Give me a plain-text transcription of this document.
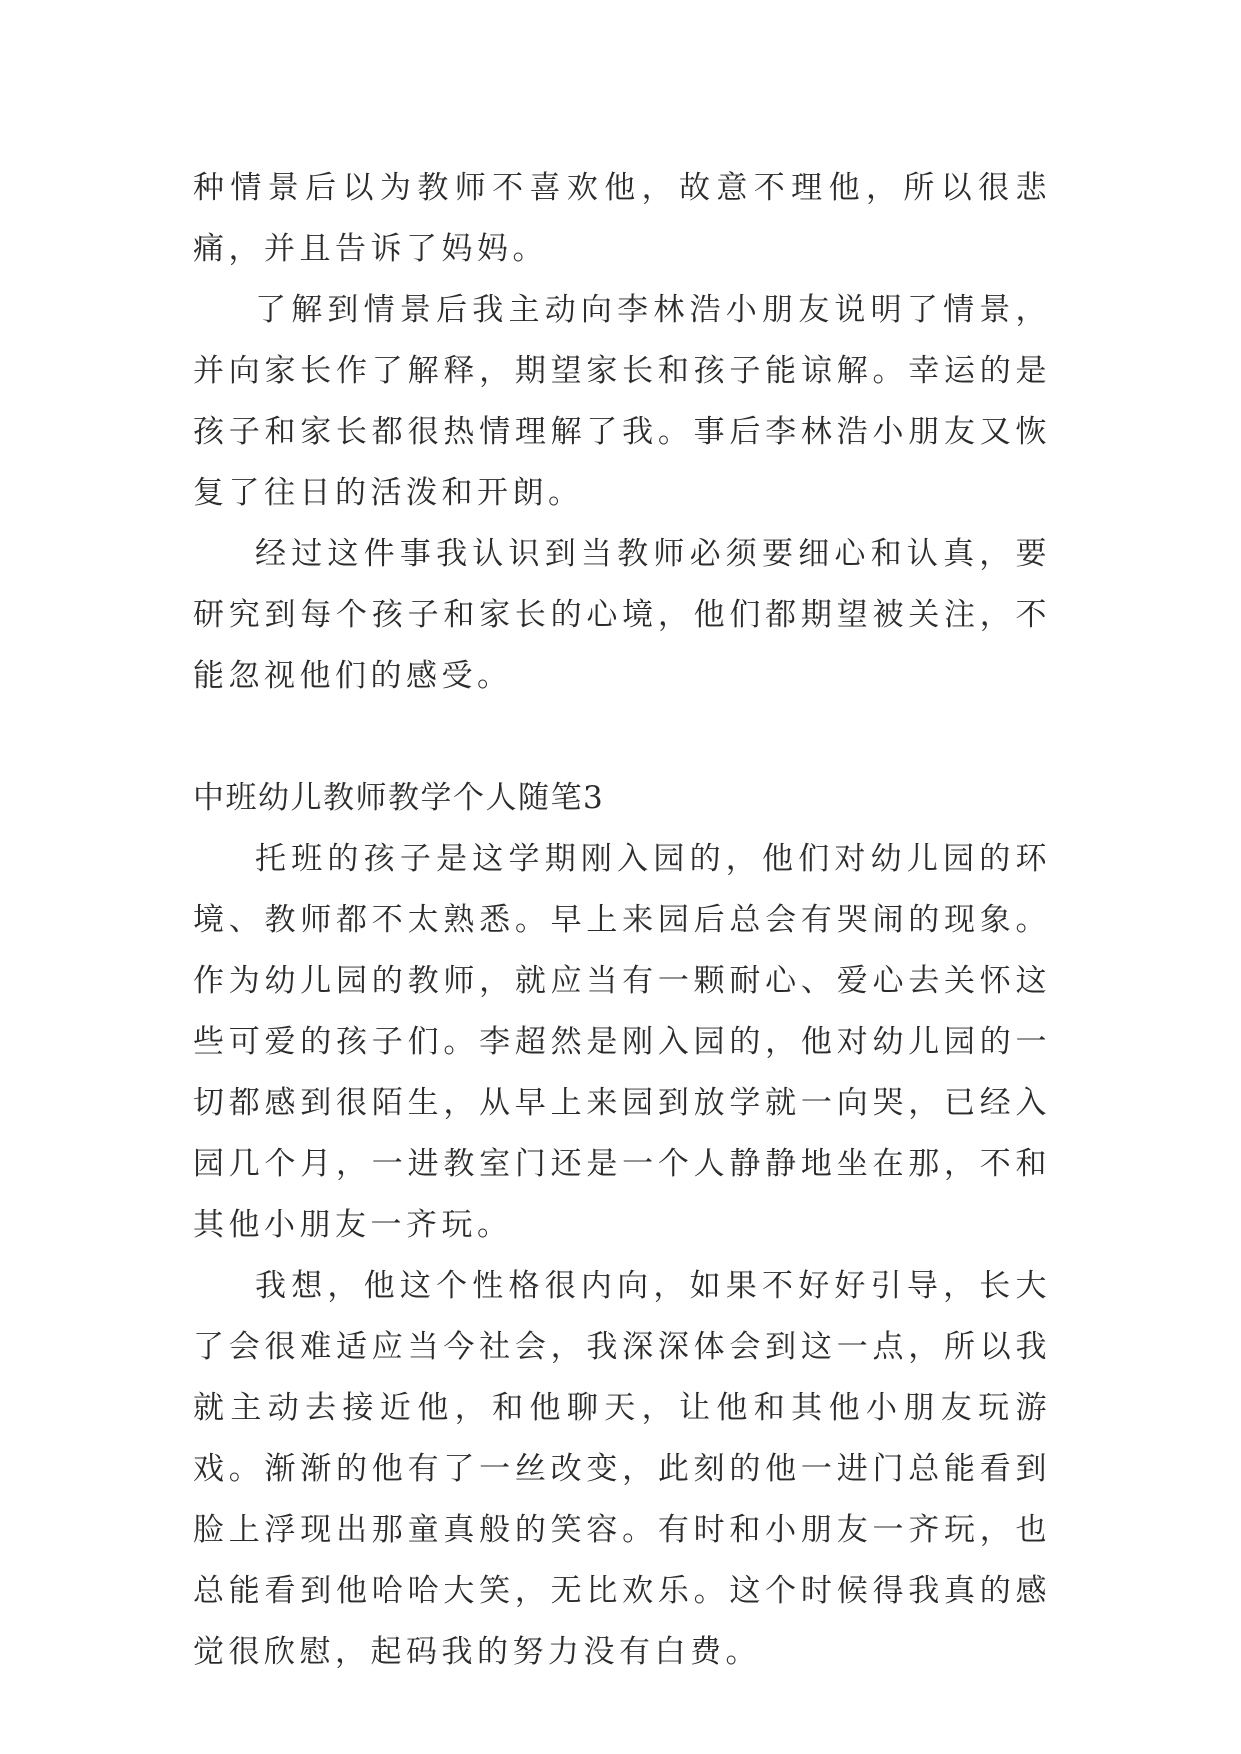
种情景后以为教师不喜欢他，故意不理他，所以很悲痛，并且告诉了妈妈。

了解到情景后我主动向李林浩小朋友说明了情景，并向家长作了解释，期望家长和孩子能谅解。幸运的是孩子和家长都很热情理解了我。事后李林浩小朋友又恢复了往日的活泼和开朗。

经过这件事我认识到当教师必须要细心和认真，要研究到每个孩子和家长的心境，他们都期望被关注，不能忽视他们的感受。

中班幼儿教师教学个人随笔3

托班的孩子是这学期刚入园的，他们对幼儿园的环境、教师都不太熟悉。早上来园后总会有哭闹的现象。作为幼儿园的教师，就应当有一颗耐心、爱心去关怀这些可爱的孩子们。李超然是刚入园的，他对幼儿园的一切都感到很陌生，从早上来园到放学就一向哭，已经入园几个月，一进教室门还是一个人静静地坐在那，不和其他小朋友一齐玩。

我想，他这个性格很内向，如果不好好引导，长大了会很难适应当今社会，我深深体会到这一点，所以我就主动去接近他，和他聊天，让他和其他小朋友玩游戏。渐渐的他有了一丝改变，此刻的他一进门总能看到脸上浮现出那童真般的笑容。有时和小朋友一齐玩，也总能看到他哈哈大笑，无比欢乐。这个时候得我真的感觉很欣慰，起码我的努力没有白费。
